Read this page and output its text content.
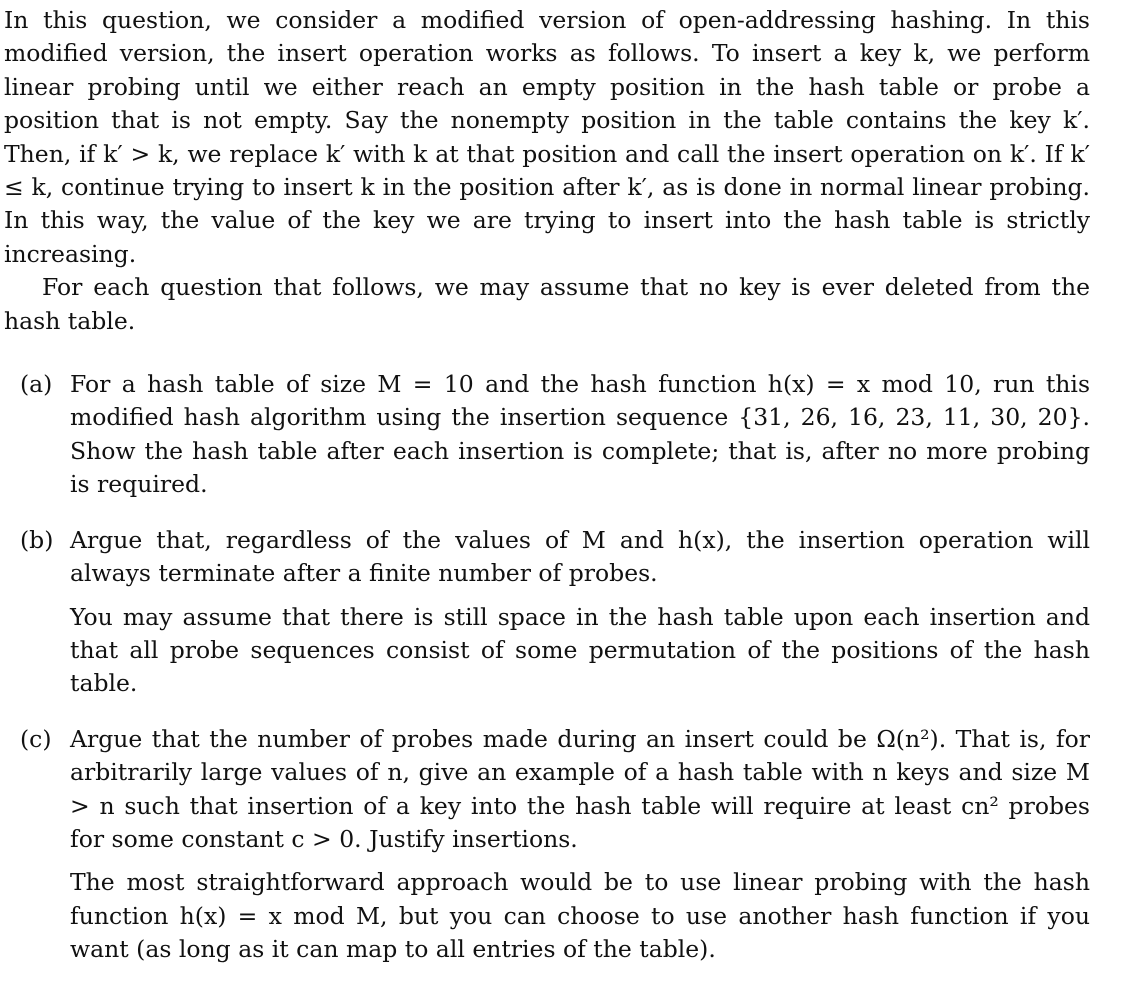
In this question, we consider a modified version of open-addressing hashing. In this modified version, the insert operation works as follows. To insert a key k, we perform linear probing until we either reach an empty position in the hash table or probe a position that is not empty. Say the nonempty position in the table contains the key k′. Then, if k′ > k, we replace k′ with k at that position and call the insert operation on k′. If k′ ≤ k, continue trying to insert k in the position after k′, as is done in normal linear probing. In this way, the value of the key we are trying to insert into the hash table is strictly increasing.

For each question that follows, we may assume that no key is ever deleted from the hash table.

(a) For a hash table of size M = 10 and the hash function h(x) = x mod 10, run this modified hash algorithm using the insertion sequence {31, 26, 16, 23, 11, 30, 20}. Show the hash table after each insertion is complete; that is, after no more probing is required.

(b) Argue that, regardless of the values of M and h(x), the insertion operation will always terminate after a finite number of probes.

You may assume that there is still space in the hash table upon each insertion and that all probe sequences consist of some permutation of the positions of the hash table.

(c) Argue that the number of probes made during an insert could be Ω(n²). That is, for arbitrarily large values of n, give an example of a hash table with n keys and size M > n such that insertion of a key into the hash table will require at least cn² probes for some constant c > 0. Justify insertions.

The most straightforward approach would be to use linear probing with the hash function h(x) = x mod M, but you can choose to use another hash function if you want (as long as it can map to all entries of the table).
